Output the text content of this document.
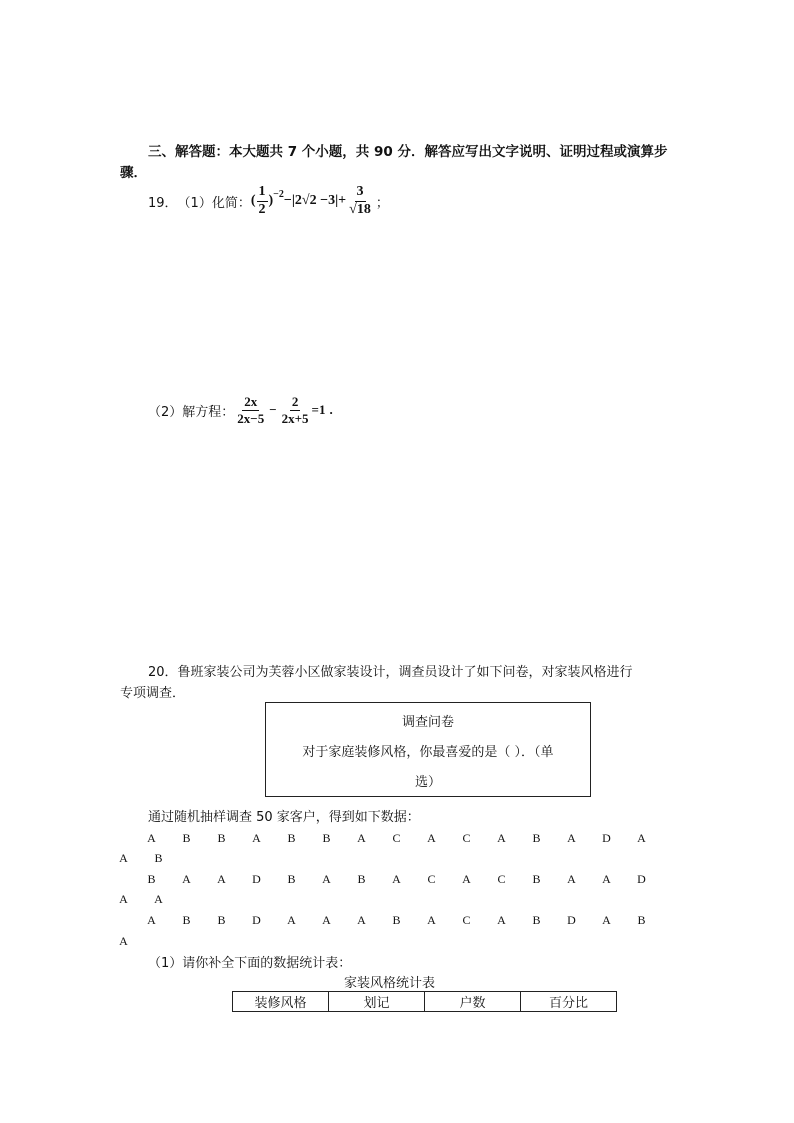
三、解答题：本大题共 7 个小题，共 90 分．解答应写出文字说明、证明过程或演算步
骤．
19． （1）化简： ( $\frac{1}{2} )^{-2} -|2√2 -3|+ \frac{3}{√18}$ ；
（2）解方程： $\frac{2x}{2x-5} - \frac{2}{2x+5} =1$ .
20．鲁班家装公司为芙蓉小区做家装设计，调查员设计了如下问卷，对家装风格进行
专项调查．
调查问卷
对于家庭装修风格，你最喜爱的是（ ）．（单
选）
通过随机抽样调查 50 家客户，得到如下数据：
A	B	B	A	B	B	A	C	A	C	A	B	A	D	A
A	B
B	A	A	D	B	A	B	A	C	A	C	B	A	A	D
A	A
A	B	B	D	A	A	A	B	A	C	A	B	D	A	B
A
（1）请你补全下面的数据统计表：
家装风格统计表
装修风格	划记	户数	百分比
